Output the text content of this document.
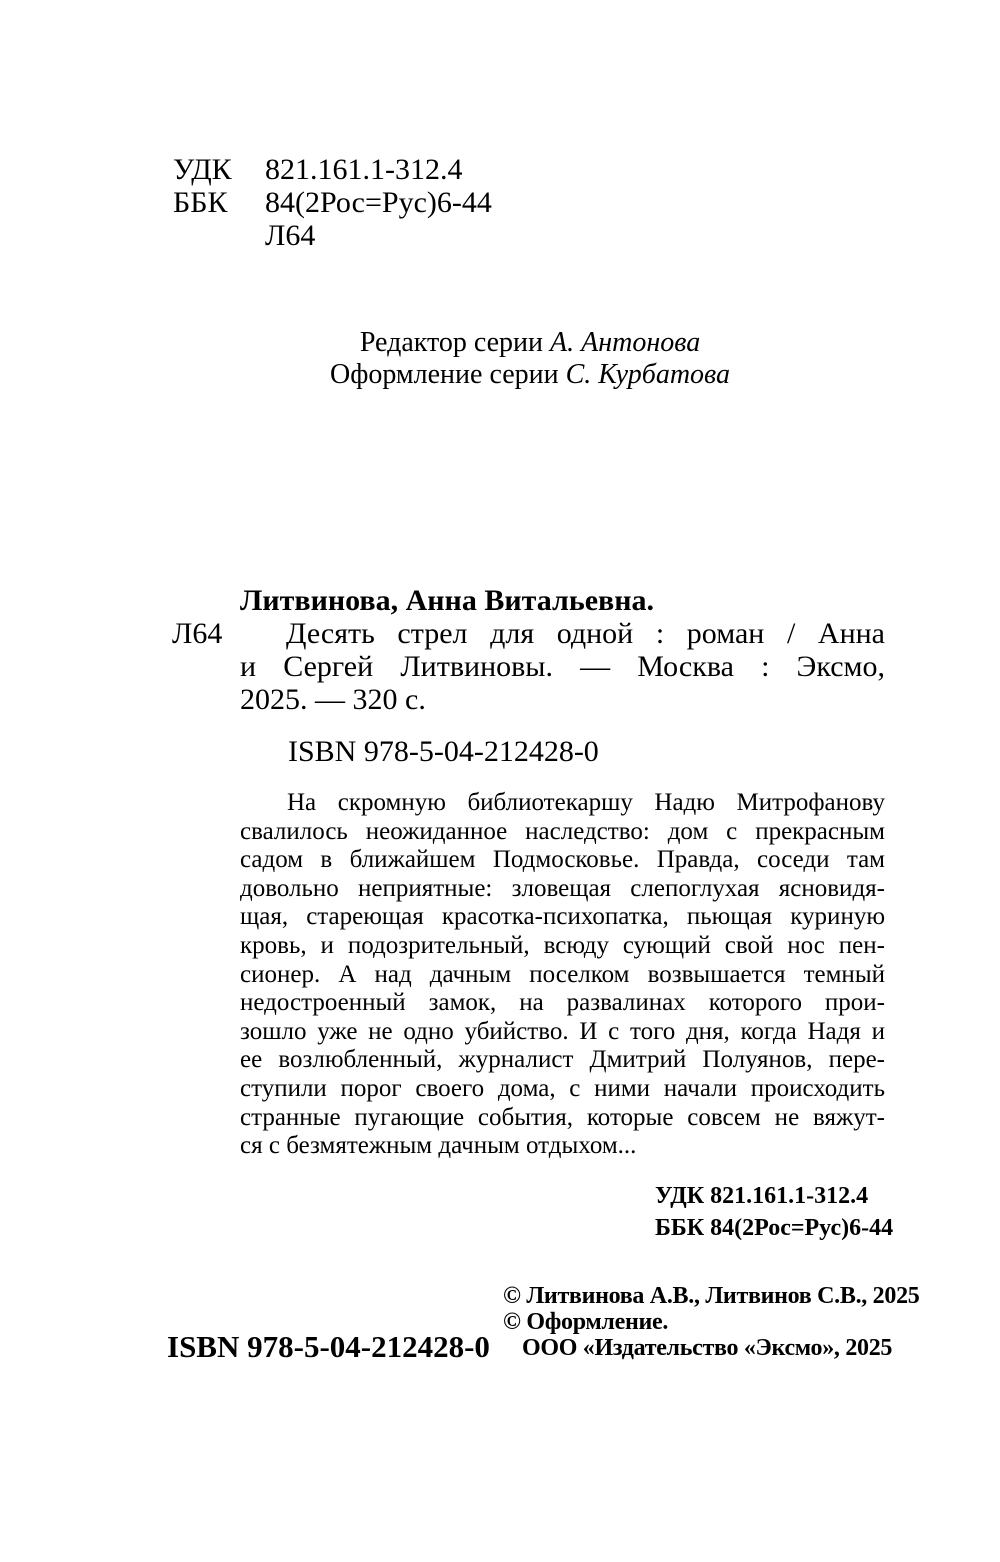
УДК 821.161.1-312.4
ББК 84(2Рос=Рус)6-44
Л64
Редактор серии А. Антонова
Оформление серии С. Курбатова
Л64
Литвинова, Анна Витальевна.
Десять стрел для одной : роман / Анна
и Сергей Литвиновы. — Москва : Эксмо,
2025. — 320 с.
ISBN 978-5-04-212428-0
На скромную библиотекаршу Надю Митрофанову
свалилось неожиданное наследство: дом с прекрасным
садом в ближайшем Подмосковье. Правда, соседи там
довольно неприятные: зловещая слепоглухая ясновидя-
щая, стареющая красотка-психопатка, пьющая куриную
кровь, и подозрительный, всюду сующий свой нос пен-
сионер. А над дачным поселком возвышается темный
недостроенный замок, на развалинах которого прои-
зошло уже не одно убийство. И с того дня, когда Надя и
ее возлюбленный, журналист Дмитрий Полуянов, пере-
ступили порог своего дома, с ними начали происходить
странные пугающие события, которые совсем не вяжут-
ся с безмятежным дачным отдыхом...
УДК 821.161.1-312.4
ББК 84(2Рос=Рус)6-44
© Литвинова А.В., Литвинов С.В., 2025
© Оформление.
ООО «Издательство «Эксмо», 2025
ISBN 978-5-04-212428-0
